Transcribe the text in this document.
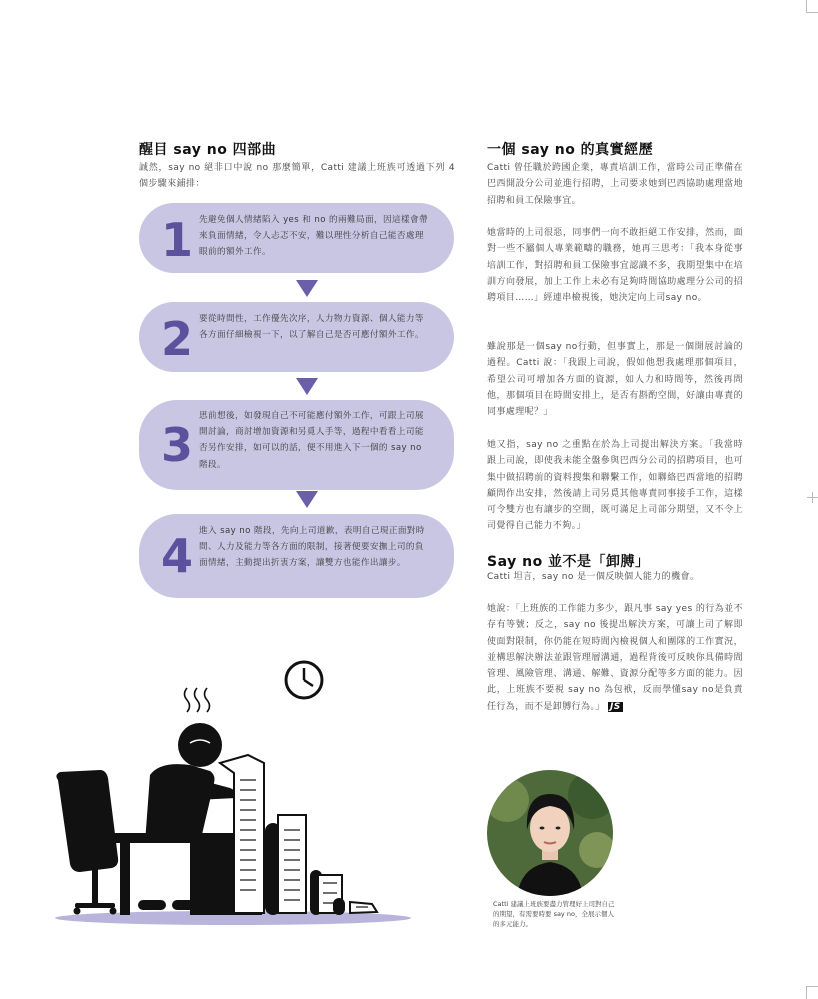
醒目 say no 四部曲
誠然，say no 絕非口中說 no 那麼簡單，Catti 建議上班族可透過下列 4 個步驟來鋪排：
1 先避免個人情緒陷入 yes 和 no 的兩難局面，因這樣會帶來負面情緒，令人忐忑不安，難以理性分析自己能否處理眼前的額外工作。
2 要從時間性，工作優先次序，人力物力資源、個人能力等各方面仔細檢視一下，以了解自己是否可應付額外工作。
3
思前想後，如發現自己不可能應付額外工作，可跟上司展開討論，商討增加資源和另覓人手等，過程中看看上司能否另作安排，如可以的話，便不用進入下一個的 say no 階段。
4 進入 say no 階段，先向上司道歉，表明自己現正面對時間、人力及能力等各方面的限制，接著便要安撫上司的負面情緒，主動提出折衷方案，讓雙方也能作出讓步。
一個 say no 的真實經歷
Catti 曾任職於跨國企業，專責培訓工作，當時公司正準備在巴西開設分公司並進行招聘，上司要求她到巴西協助處理當地招聘和員工保險事宜。
她當時的上司很惡，同事們一向不敢拒絕工作安排，然而，面對一些不屬個人專業範疇的職務，她再三思考：「我本身從事培訓工作，對招聘和員工保險事宜認識不多，我期望集中在培訓方向發展，加上工作上未必有足夠時間協助處理分公司的招聘項目……」經連串檢視後，她決定向上司say no。
雖說那是一個say no行動，但事實上，那是一個開展討論的過程。Catti 說：「我跟上司說，假如他想我處理那個項目，希望公司可增加各方面的資源，如人力和時間等，然後再問他，那個項目在時間安排上，是否有斟酌空間，好讓由專責的同事處理呢？」
她又指，say no 之重點在於為上司提出解決方案。「我當時跟上司說，即使我未能全盤參與巴西分公司的招聘項目，也可集中做招聘前的資料搜集和聯繫工作，如聯絡巴西當地的招聘顧問作出安排，然後請上司另覓其他專責同事接手工作，這樣可令雙方也有讓步的空間，既可滿足上司部分期望，又不令上司覺得自己能力不夠。」
Say no 並不是「卸膊」
Catti 坦言，say no 是一個反映個人能力的機會。
她說：「上班族的工作能力多少，跟凡事 say yes 的行為並不存有等號；反之，say no 後提出解決方案，可讓上司了解即使面對限制，你仍能在短時間內檢視個人和團隊的工作實況，並構思解決辦法並跟管理層溝通，過程背後可反映你具備時間管理、風險管理、溝通、解難、資源分配等多方面的能力。因此，上班族不要視 say no 為包袱，反而學懂say no是負責任行為，而不是卸膊行為。」 JS
Catti 建議上班族要盡力管理好上司對自己的期望，有需要時要 say no，全展示個人的多元能力。
